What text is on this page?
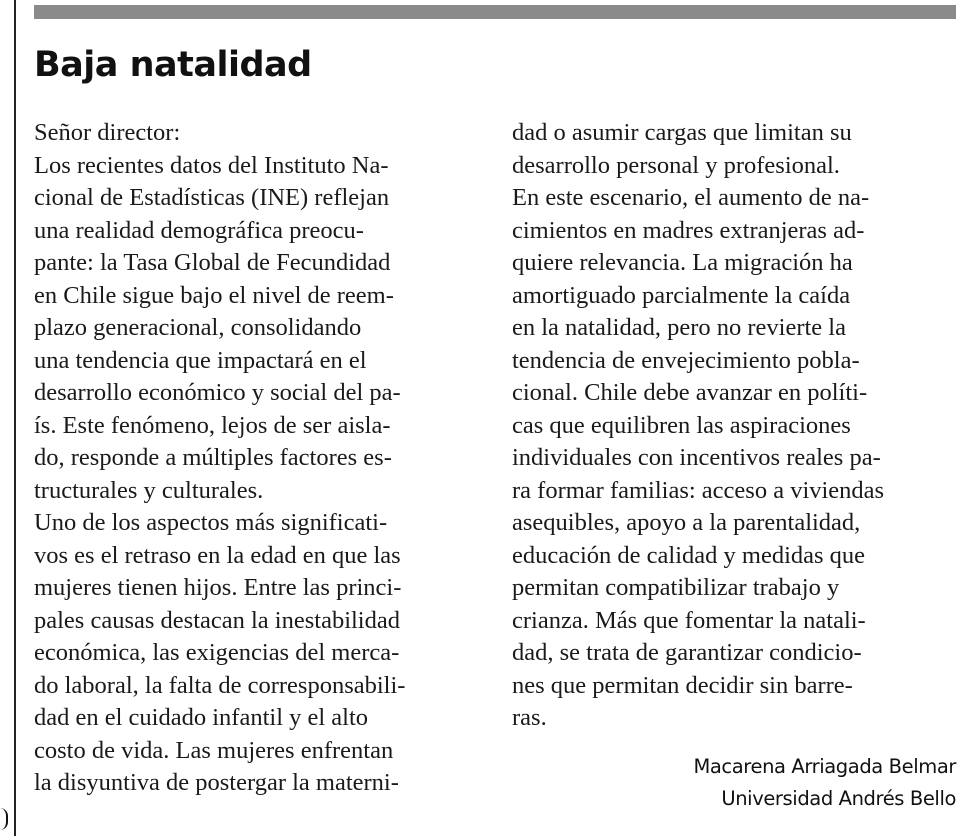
Baja natalidad
Señor director:
Los recientes datos del Instituto Na-
cional de Estadísticas (INE) reflejan
una realidad demográfica preocu-
pante: la Tasa Global de Fecundidad
en Chile sigue bajo el nivel de reem-
plazo generacional, consolidando
una tendencia que impactará en el
desarrollo económico y social del pa-
ís. Este fenómeno, lejos de ser aisla-
do, responde a múltiples factores es-
tructurales y culturales.
Uno de los aspectos más significati-
vos es el retraso en la edad en que las
mujeres tienen hijos. Entre las princi-
pales causas destacan la inestabilidad
económica, las exigencias del merca-
do laboral, la falta de corresponsabili-
dad en el cuidado infantil y el alto
costo de vida. Las mujeres enfrentan
la disyuntiva de postergar la materni-
dad o asumir cargas que limitan su
desarrollo personal y profesional.
En este escenario, el aumento de na-
cimientos en madres extranjeras ad-
quiere relevancia. La migración ha
amortiguado parcialmente la caída
en la natalidad, pero no revierte la
tendencia de envejecimiento pobla-
cional. Chile debe avanzar en políti-
cas que equilibren las aspiraciones
individuales con incentivos reales pa-
ra formar familias: acceso a viviendas
asequibles, apoyo a la parentalidad,
educación de calidad y medidas que
permitan compatibilizar trabajo y
crianza. Más que fomentar la natali-
dad, se trata de garantizar condicio-
nes que permitan decidir sin barre-
ras.
Macarena Arriagada Belmar
Universidad Andrés Bello
